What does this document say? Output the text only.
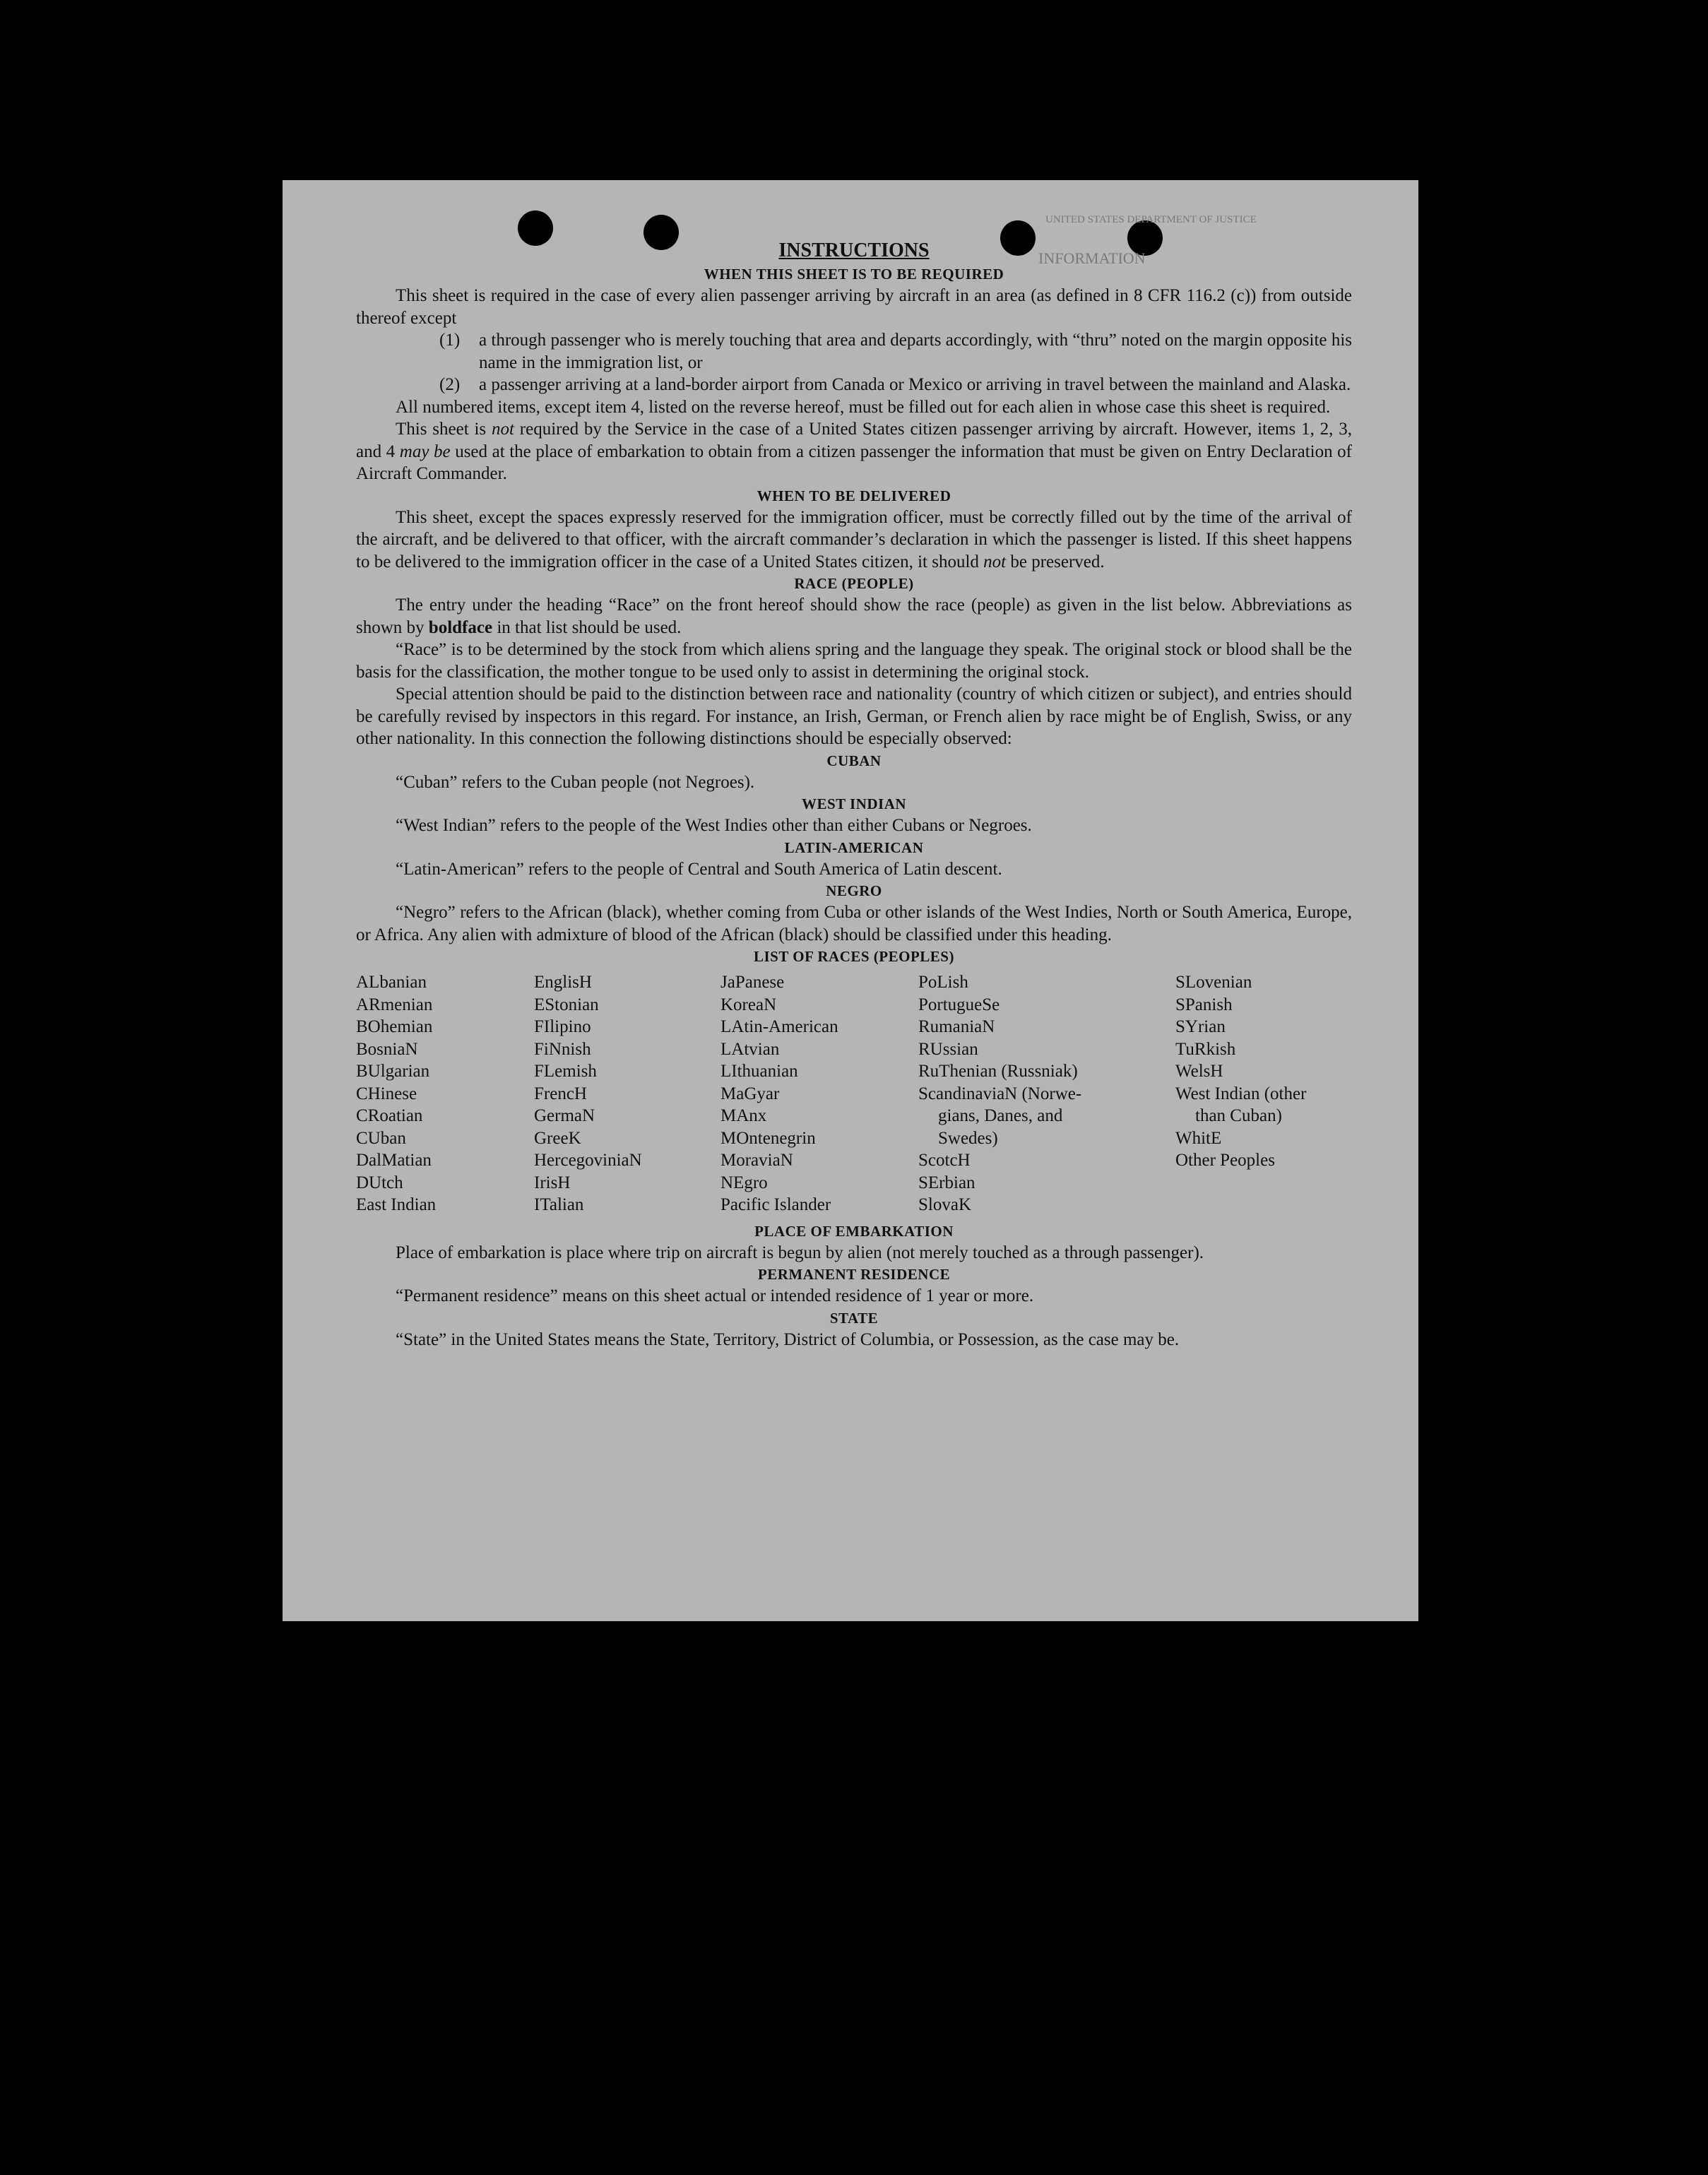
UNITED STATES DEPARTMENT OF JUSTICE
INFORMATION
INSTRUCTIONS
WHEN THIS SHEET IS TO BE REQUIRED

This sheet is required in the case of every alien passenger arriving by aircraft in an area (as defined in 8 CFR 116.2 (c)) from outside thereof except

(1)	a through passenger who is merely touching that area and departs accordingly, with “thru” noted on the margin opposite his name in the immigration list, or
(2)	a passenger arriving at a land-border airport from Canada or Mexico or arriving in travel between the mainland and Alaska.

All numbered items, except item 4, listed on the reverse hereof, must be filled out for each alien in whose case this sheet is required.

This sheet is not required by the Service in the case of a United States citizen passenger arriving by aircraft. However, items 1, 2, 3, and 4 may be used at the place of embarkation to obtain from a citizen passenger the information that must be given on Entry Declaration of Aircraft Commander.

WHEN TO BE DELIVERED

This sheet, except the spaces expressly reserved for the immigration officer, must be correctly filled out by the time of the arrival of the aircraft, and be delivered to that officer, with the aircraft commander’s declaration in which the passenger is listed. If this sheet happens to be delivered to the immigration officer in the case of a United States citizen, it should not be preserved.

RACE (PEOPLE)

The entry under the heading “Race” on the front hereof should show the race (people) as given in the list below. Abbreviations as shown by boldface in that list should be used.

“Race” is to be determined by the stock from which aliens spring and the language they speak. The original stock or blood shall be the basis for the classification, the mother tongue to be used only to assist in determining the original stock.

Special attention should be paid to the distinction between race and nationality (country of which citizen or subject), and entries should be carefully revised by inspectors in this regard. For instance, an Irish, German, or French alien by race might be of English, Swiss, or any other nationality. In this connection the following distinctions should be especially observed:

CUBAN

“Cuban” refers to the Cuban people (not Negroes).

WEST INDIAN

“West Indian” refers to the people of the West Indies other than either Cubans or Negroes.

LATIN-AMERICAN

“Latin-American” refers to the people of Central and South America of Latin descent.

NEGRO

“Negro” refers to the African (black), whether coming from Cuba or other islands of the West Indies, North or South America, Europe, or Africa. Any alien with admixture of blood of the African (black) should be classified under this heading.

LIST OF RACES (PEOPLES)
ALbanian
ARmenian
BOhemian
BosniaN
BUlgarian
CHinese
CRoatian
CUban
DalMatian
DUtch
East Indian
EnglisH
EStonian
FIlipino
FiNnish
FLemish
FrencH
GermaN
GreeK
HercegoviniaN
IrisH
ITalian
JaPanese
KoreaN
LAtin-American
LAtvian
LIthuanian
MaGyar
MAnx
MOntenegrin
MoraviaN
NEgro
Pacific Islander
PoLish
PortugueSe
RumaniaN
RUssian
RuThenian (Russniak)
ScandinaviaN (Norwe-
gians, Danes, and
Swedes)
ScotcH
SErbian
SlovaK
SLovenian
SPanish
SYrian
TuRkish
WelsH
West Indian (other
than Cuban)
WhitE
Other Peoples
PLACE OF EMBARKATION

Place of embarkation is place where trip on aircraft is begun by alien (not merely touched as a through passenger).

PERMANENT RESIDENCE

“Permanent residence” means on this sheet actual or intended residence of 1 year or more.

STATE

“State” in the United States means the State, Territory, District of Columbia, or Possession, as the case may be.
